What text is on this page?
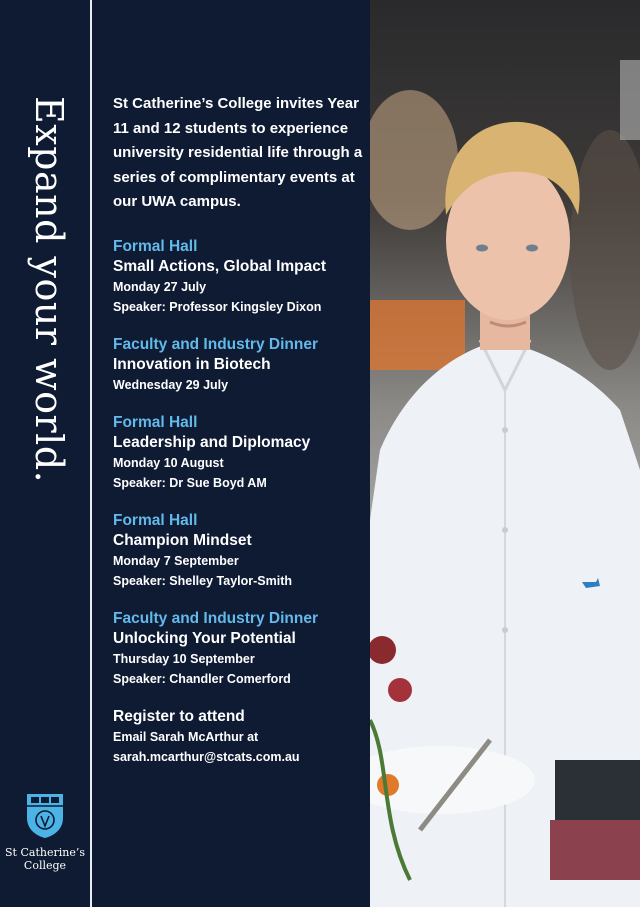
Expand your world.
St Catherine’s
College

St Catherine’s College invites Year 11 and 12 students to experience university residential life through a series of complimentary events at our UWA campus.

Formal Hall
Small Actions, Global Impact
Monday 27 July
Speaker: Professor Kingsley Dixon
Faculty and Industry Dinner
Innovation in Biotech
Wednesday 29 July
Formal Hall
Leadership and Diplomacy
Monday 10 August
Speaker: Dr Sue Boyd AM
Formal Hall
Champion Mindset
Monday 7 September
Speaker: Shelley Taylor-Smith
Faculty and Industry Dinner
Unlocking Your Potential
Thursday 10 September
Speaker: Chandler Comerford
Register to attend
Email Sarah McArthur at
sarah.mcarthur@stcats.com.au
